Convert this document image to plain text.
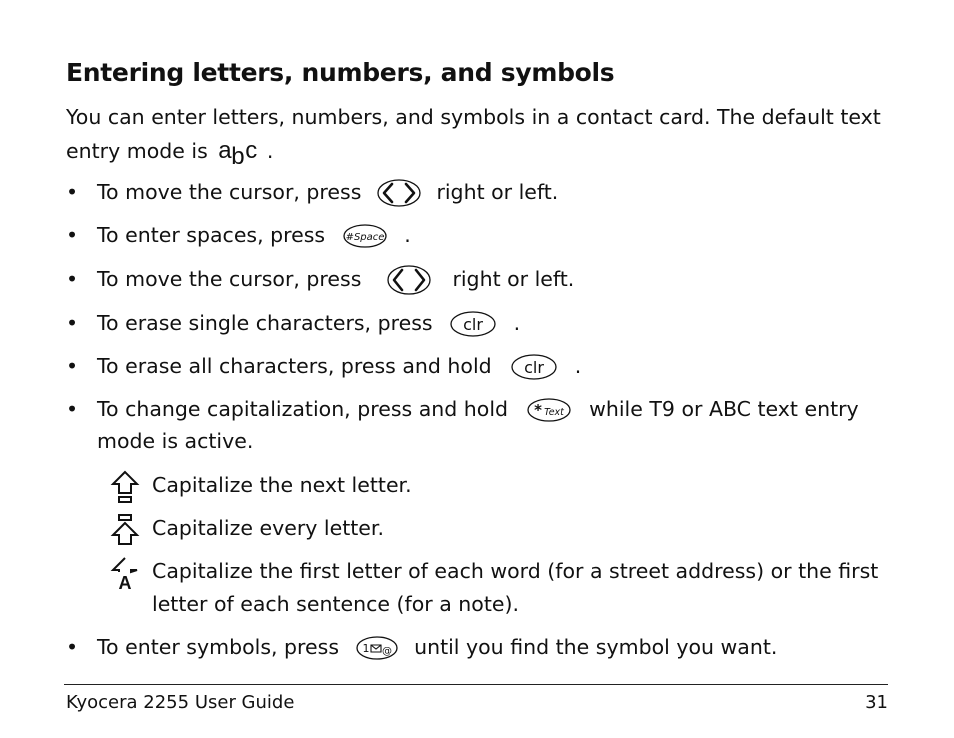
Entering letters, numbers, and symbols
You can enter letters, numbers, and symbols in a contact card. The default text entry mode is a b c .
• To move the cursor, press	right or left.
• To enter spaces, press #Space .
• To move the cursor, press	right or left.
• To erase single characters, press clr .
• To erase all characters, press and hold clr .
• To change capitalization, press and hold * Text while T9 or ABC text entry
mode is active.
Capitalize the next letter.
Capitalize every letter.
A Capitalize the first letter of each word (for a street address) or the first letter of each sentence (for a note).
• To enter symbols, press 1 @ until you find the symbol you want.
Kyocera 2255 User Guide	31
